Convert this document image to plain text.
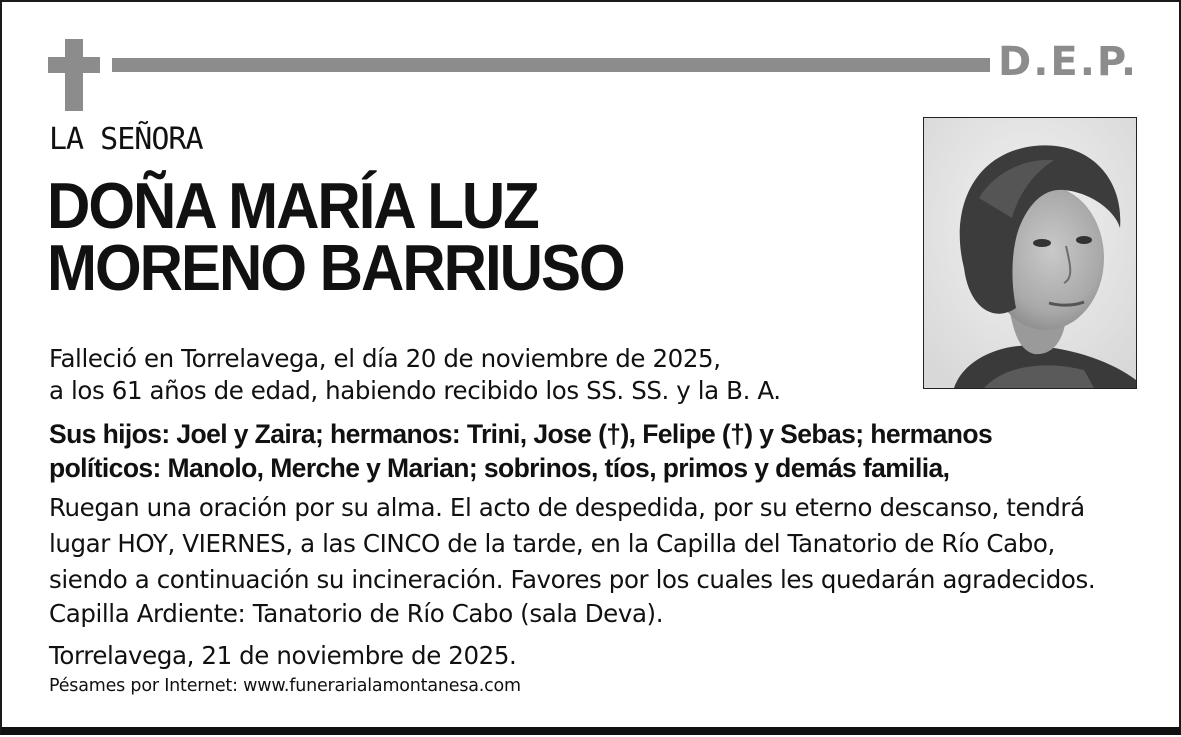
D.E.P.
LA SEÑORA
DOÑA MARÍA LUZ
MORENO BARRIUSO
Falleció en Torrelavega, el día 20 de noviembre de 2025,
a los 61 años de edad, habiendo recibido los SS. SS. y la B. A.
Sus hijos: Joel y Zaira; hermanos: Trini, Jose (†), Felipe (†) y Sebas; hermanos
políticos: Manolo, Merche y Marian; sobrinos, tíos, primos y demás familia,
Ruegan una oración por su alma. El acto de despedida, por su eterno descanso, tendrá
lugar HOY, VIERNES, a las CINCO de la tarde, en la Capilla del Tanatorio de Río Cabo,
siendo a continuación su incineración. Favores por los cuales les quedarán agradecidos.
Capilla Ardiente: Tanatorio de Río Cabo (sala Deva).
Torrelavega, 21 de noviembre de 2025.
Pésames por Internet: www.funerarialamontanesa.com
